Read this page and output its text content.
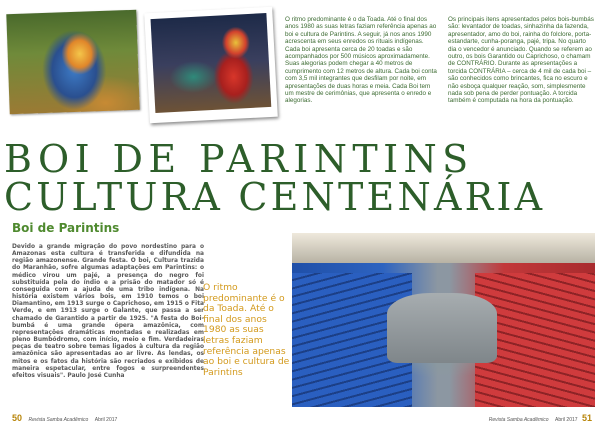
O ritmo predominante é o da Toada. Até o final dos anos 1980 as suas letras faziam referência apenas ao boi e cultura de Parintins. A seguir, já nos anos 1990 acrescenta em seus enredos os rituais indígenas. Cada boi apresenta cerca de 20 toadas e são acompanhados por 500 músicos aproximadamente. Suas alegorias podem chegar a 40 metros de cumprimento com 12 metros de altura. Cada boi conta com 3,5 mil integrantes que desfilam por noite, em apresentações de duas horas e meia. Cada Boi tem um mestre de cerimônias, que apresenta o enredo e alegorias.
Os principais itens apresentados pelos bois-bumbás são: levantador de toadas, sinhazinha da fazenda, apresentador, amo do boi, rainha do folclore, porta-estandarte, cunha-poranga, pajé, tripa. No quarto dia o vencedor é anunciado. Quando se referem ao outro, os bois Garantido ou Caprichoso, o chamam de CONTRÁRIO. Durante as apresentações a torcida CONTRÁRIA – cerca de 4 mil de cada boi – são conhecidos como brincantes, fica no escuro e não esboça qualquer reação, som, simplesmente nada sob pena de perder pontuação. A torcida também é computada na hora da pontuação.
BOI DE PARINTINS
CULTURA CENTENÁRIA
Boi de Parintins
Devido a grande migração do povo nordestino para o Amazonas esta cultura é transferida e difundida na região amazonense. Grande festa. O boi, Cultura trazida do Maranhão, sofre algumas adaptações em Parintins: o médico virou um pajé, a presença do negro foi substituída pela do índio e a prisão do matador só é conseguida com a ajuda de uma tribo indígena. Na história existem vários bois, em 1910 temos o boi Diamantino, em 1913 surge o Caprichoso, em 1915 o Fita Verde, e em 1913 surge o Galante, que passa a ser chamado de Garantido a partir de 1925. "A festa do Boi-bumbá é uma grande ópera amazônica, com representações dramáticas montadas e realizadas em pleno Bumbódromo, com início, meio e fim. Verdadeiras peças de teatro sobre temas ligados à cultura da região amazônica são apresentadas ao ar livre. As lendas, os mitos e os fatos da história são recriados e exibidos de maneira espetacular, entre fogos e surpreendentes efeitos visuais". Paulo José Cunha
O ritmo predominante é o da Toada. Até o final dos anos 1980 as suas letras faziam referência apenas ao boi e cultura de Parintins
50 Revista Samba Acadêmico Abril 2017	Revista Samba Acadêmico Abril 2017 51
